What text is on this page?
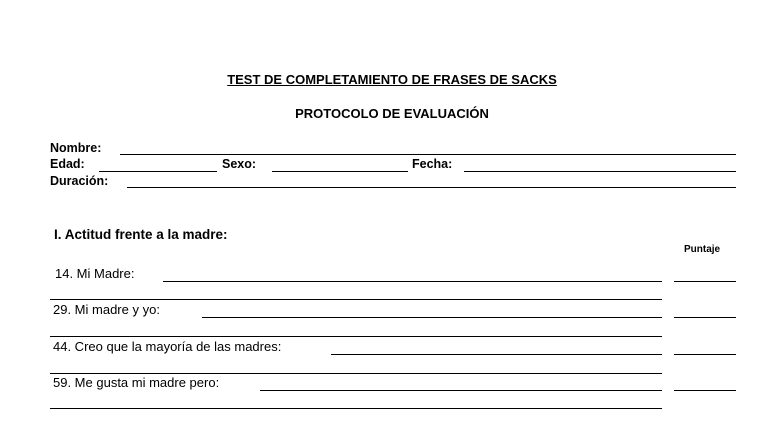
TEST DE COMPLETAMIENTO DE FRASES DE SACKS
PROTOCOLO DE EVALUACIÓN
Nombre:
Edad:	Sexo:	Fecha:
Duración:
I. Actitud frente a la madre:
Puntaje
14. Mi Madre:
29. Mi madre y yo:
44. Creo que la mayoría de las madres:
59. Me gusta mi madre pero:
